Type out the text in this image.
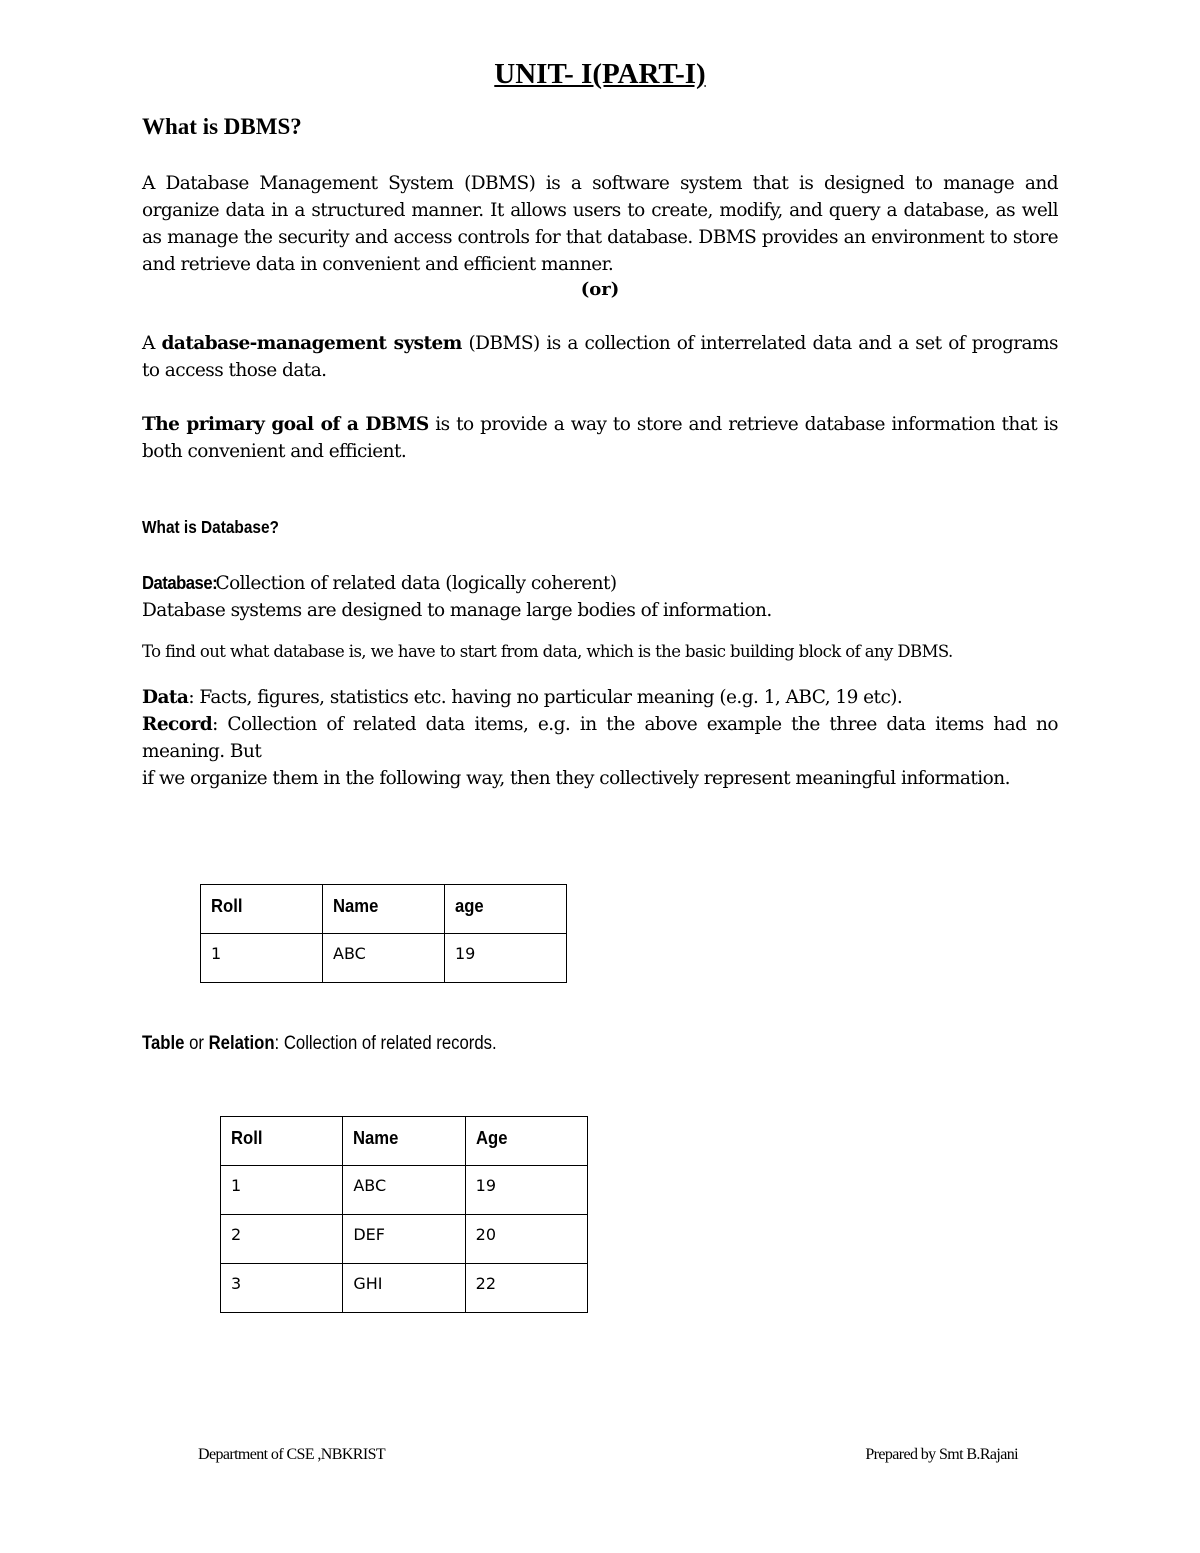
UNIT- I(PART-I)
What is DBMS?
A Database Management System (DBMS) is a software system that is designed to manage and organize data in a structured manner. It allows users to create, modify, and query a database, as well as manage the security and access controls for that database. DBMS provides an environment to store and retrieve data in convenient and efficient manner.
(or)
A database-management system (DBMS) is a collection of interrelated data and a set of programs to access those data.
The primary goal of a DBMS is to provide a way to store and retrieve database information that is both convenient and efficient.
What is Database?
Database:Collection of related data (logically coherent)
Database systems are designed to manage large bodies of information.
To find out what database is, we have to start from data, which is the basic building block of any DBMS.
Data: Facts, figures, statistics etc. having no particular meaning (e.g. 1, ABC, 19 etc).
Record: Collection of related data items, e.g. in the above example the three data items had no meaning. But
if we organize them in the following way, then they collectively represent meaningful information.
Roll	Name	age
1	ABC	19
Table or Relation: Collection of related records.
Roll	Name	Age
1	ABC	19
2	DEF	20
3	GHI	22
Department of CSE ,NBKRIST	Prepared by Smt B.Rajani
